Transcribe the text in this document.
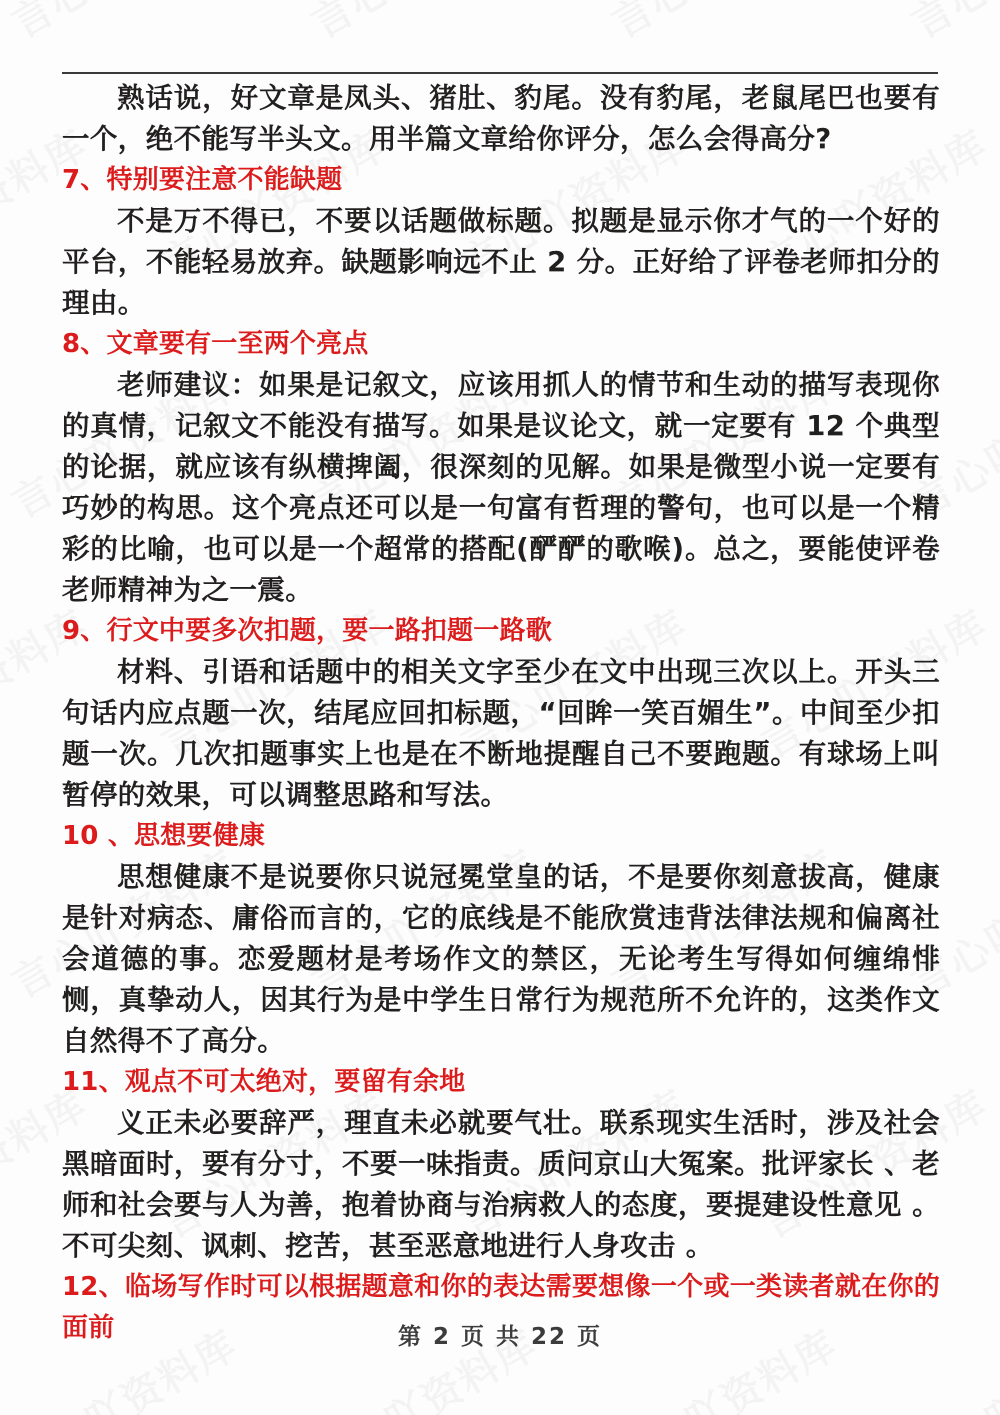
熟话说，好文章是凤头、猪肚、豹尾。没有豹尾，老鼠尾巴也要有一个，绝不能写半头文。用半篇文章给你评分，怎么会得高分?

7、特别要注意不能缺题

不是万不得已，不要以话题做标题。拟题是显示你才气的一个好的平台，不能轻易放弃。缺题影响远不止 2 分。正好给了评卷老师扣分的理由。

8、文章要有一至两个亮点

老师建议：如果是记叙文，应该用抓人的情节和生动的描写表现你的真情，记叙文不能没有描写。如果是议论文，就一定要有 12 个典型的论据，就应该有纵横捭阖，很深刻的见解。如果是微型小说一定要有巧妙的构思。这个亮点还可以是一句富有哲理的警句，也可以是一个精彩的比喻，也可以是一个超常的搭配(酽酽的歌喉)。总之，要能使评卷老师精神为之一震。

9、行文中要多次扣题，要一路扣题一路歌

材料、引语和话题中的相关文字至少在文中出现三次以上。开头三句话内应点题一次，结尾应回扣标题，“回眸一笑百媚生”。中间至少扣题一次。几次扣题事实上也是在不断地提醒自己不要跑题。有球场上叫暂停的效果，可以调整思路和写法。

10 、思想要健康

思想健康不是说要你只说冠冕堂皇的话，不是要你刻意拔高，健康是针对病态、庸俗而言的，它的底线是不能欣赏违背法律法规和偏离社会道德的事。恋爱题材是考场作文的禁区，无论考生写得如何缠绵悱恻，真挚动人，因其行为是中学生日常行为规范所不允许的，这类作文自然得不了高分。

11、观点不可太绝对，要留有余地

义正未必要辞严，理直未必就要气壮。联系现实生活时，涉及社会黑暗面时，要有分寸，不要一味指责。质问京山大冤案。批评家长 、老师和社会要与人为善，抱着协商与治病救人的态度，要提建设性意见 。不可尖刻、讽刺、挖苦，甚至恶意地进行人身攻击 。

12、临场写作时可以根据题意和你的表达需要想像一个或一类读者就在你的面前	第 2 页 共 22 页
